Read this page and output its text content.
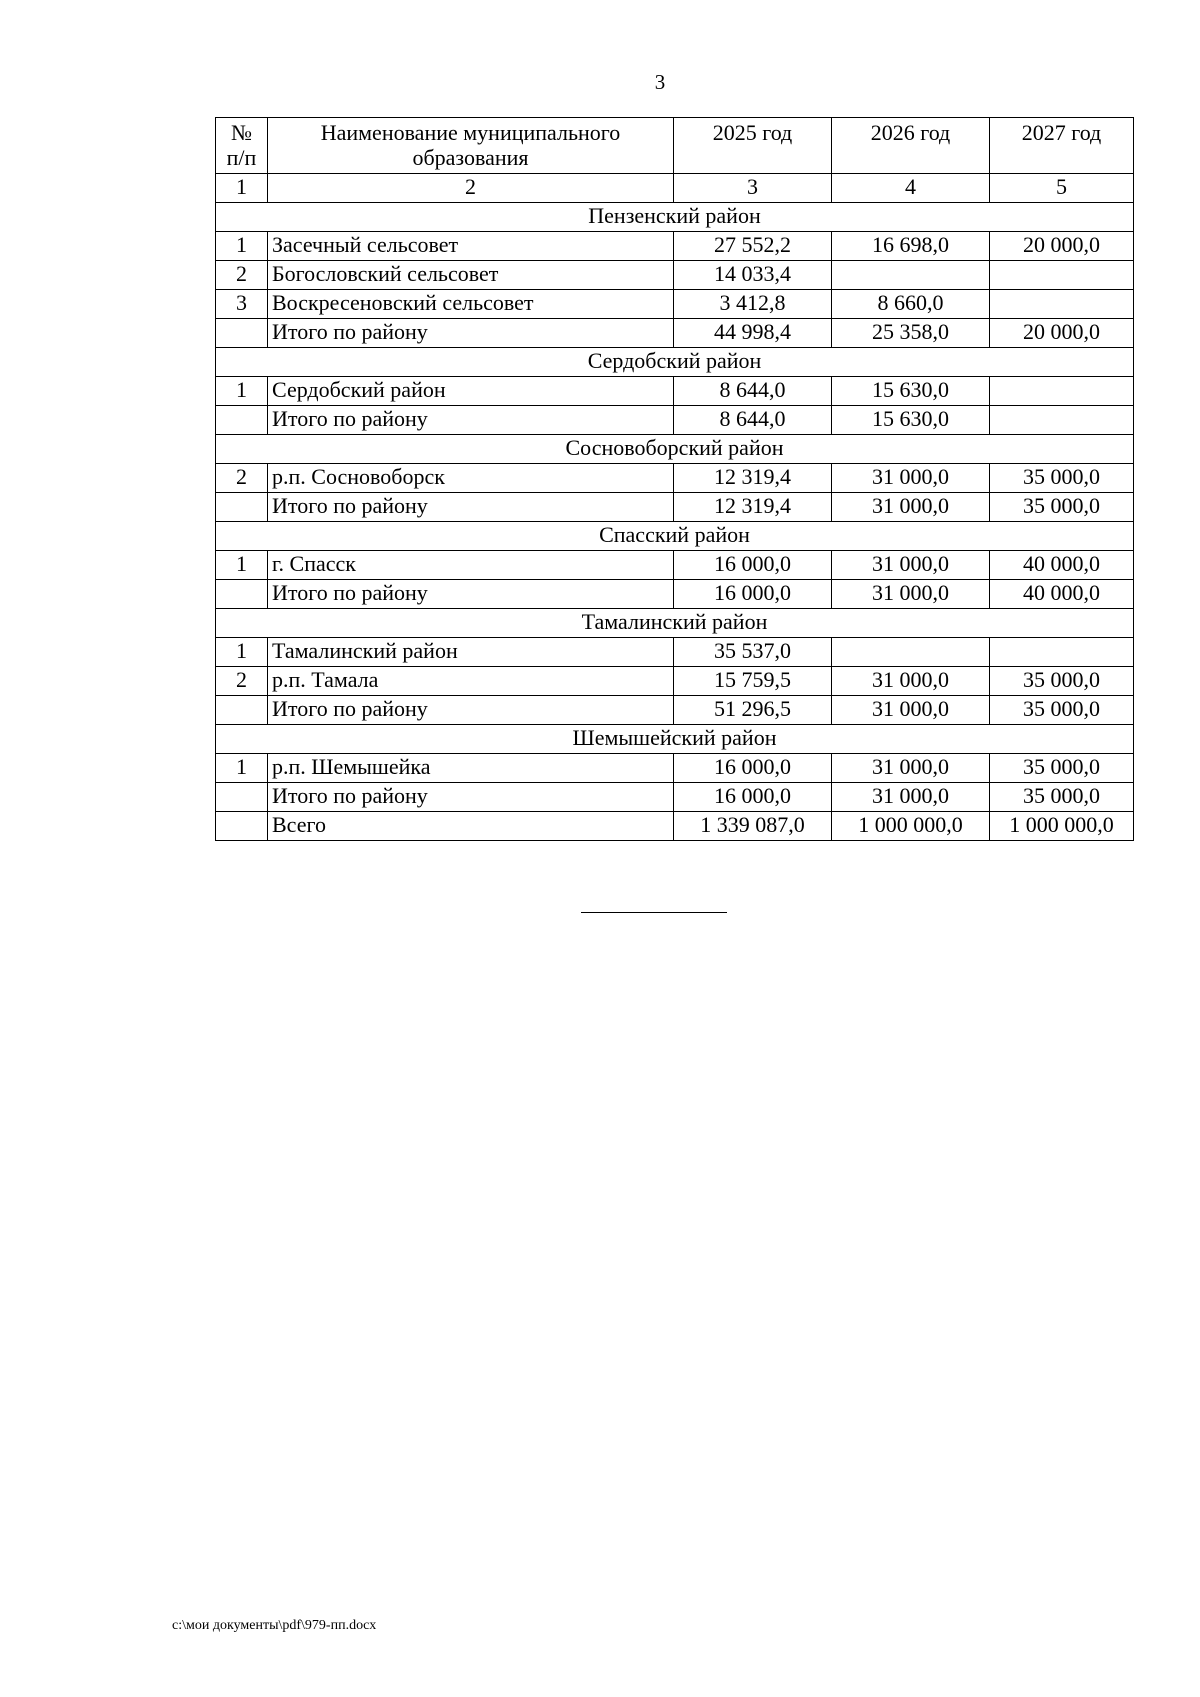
3
№ п/п	Наименование муниципального образования	2025 год	2026 год	2027 год
1	2	3	4	5
Пензенский район				
1	Засечный сельсовет	27 552,2	16 698,0	20 000,0
2	Богословский сельсовет	14 033,4		
3	Воскресеновский сельсовет	3 412,8	8 660,0	
	Итого по району	44 998,4	25 358,0	20 000,0
Сердобский район				
1	Сердобский район	8 644,0	15 630,0	
	Итого по району	8 644,0	15 630,0	
Сосновоборский район				
2	р.п. Сосновоборск	12 319,4	31 000,0	35 000,0
	Итого по району	12 319,4	31 000,0	35 000,0
Спасский район				
1	г. Спасск	16 000,0	31 000,0	40 000,0
	Итого по району	16 000,0	31 000,0	40 000,0
Тамалинский район				
1	Тамалинский район	35 537,0		
2	р.п. Тамала	15 759,5	31 000,0	35 000,0
	Итого по району	51 296,5	31 000,0	35 000,0
Шемышейский район				
1	р.п. Шемышейка	16 000,0	31 000,0	35 000,0
	Итого по району	16 000,0	31 000,0	35 000,0
	Всего	1 339 087,0	1 000 000,0	1 000 000,0
c:\мои документы\pdf\979-пп.docx
